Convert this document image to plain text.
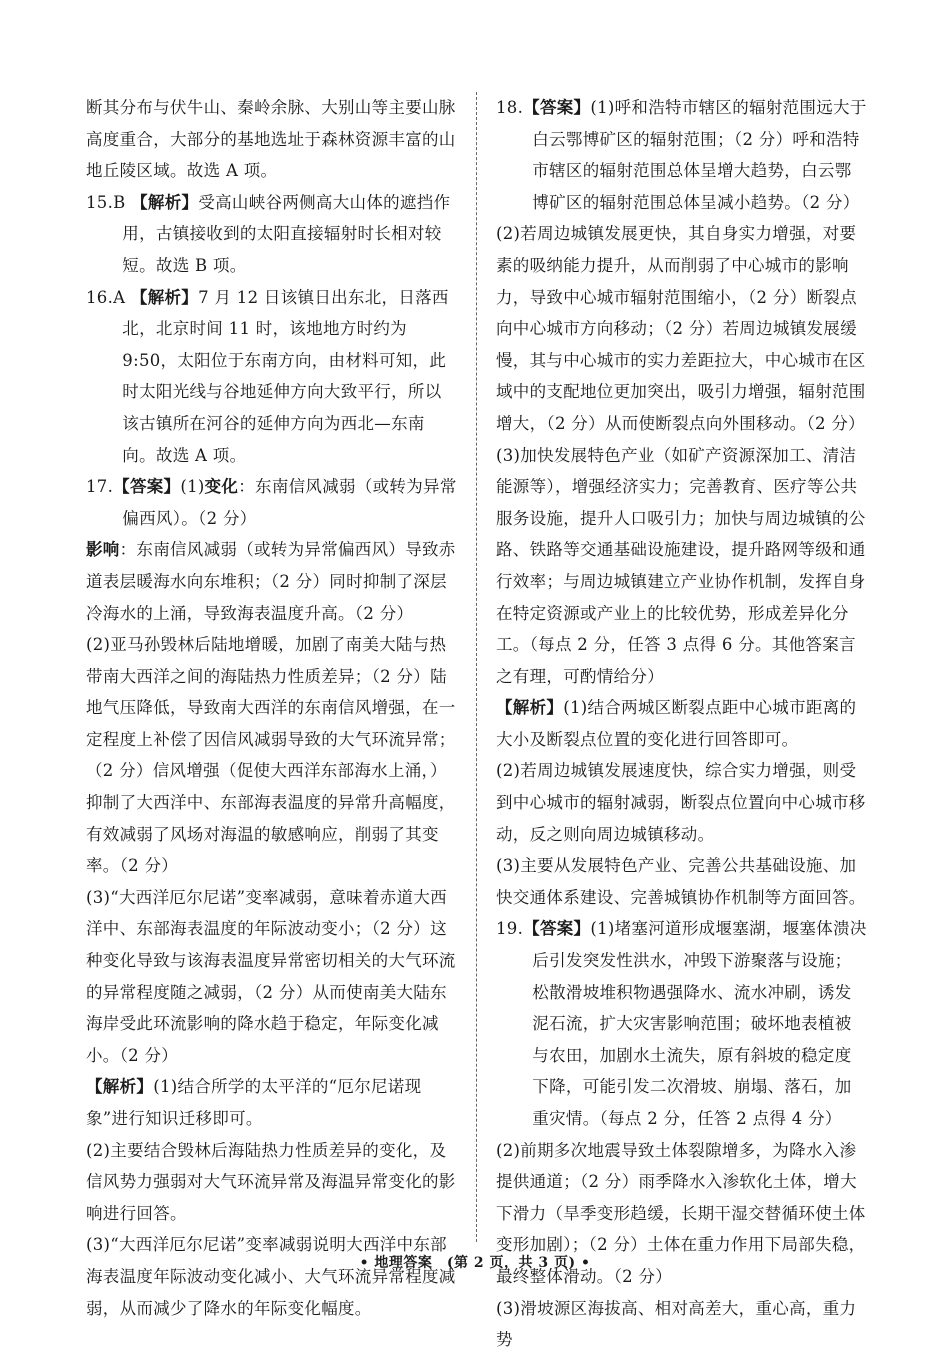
断其分布与伏牛山、秦岭余脉、大别山等主要山脉高度重合，大部分的基地选址于森林资源丰富的山地丘陵区域。故选 A 项。

15.B 【解析】受高山峡谷两侧高大山体的遮挡作用，古镇接收到的太阳直接辐射时长相对较短。故选 B 项。

16.A 【解析】7 月 12 日该镇日出东北，日落西北，北京时间 11 时，该地地方时约为 9:50，太阳位于东南方向，由材料可知，此时太阳光线与谷地延伸方向大致平行，所以该古镇所在河谷的延伸方向为西北—东南向。故选 A 项。

17.【答案】(1)变化：东南信风减弱（或转为异常偏西风）。（2 分）

影响：东南信风减弱（或转为异常偏西风）导致赤道表层暖海水向东堆积；（2 分）同时抑制了深层冷海水的上涌，导致海表温度升高。（2 分）

(2)亚马孙毁林后陆地增暖，加剧了南美大陆与热带南大西洋之间的海陆热力性质差异；（2 分）陆地气压降低，导致南大西洋的东南信风增强，在一定程度上补偿了因信风减弱导致的大气环流异常；（2 分）信风增强（促使大西洋东部海水上涌，）抑制了大西洋中、东部海表温度的异常升高幅度，有效减弱了风场对海温的敏感响应，削弱了其变率。（2 分）

(3)“大西洋厄尔尼诺”变率减弱，意味着赤道大西洋中、东部海表温度的年际波动变小；（2 分）这种变化导致与该海表温度异常密切相关的大气环流的异常程度随之减弱，（2 分）从而使南美大陆东海岸受此环流影响的降水趋于稳定，年际变化减小。（2 分）

【解析】(1)结合所学的太平洋的“厄尔尼诺现象”进行知识迁移即可。

(2)主要结合毁林后海陆热力性质差异的变化，及信风势力强弱对大气环流异常及海温异常变化的影响进行回答。

(3)“大西洋厄尔尼诺”变率减弱说明大西洋中东部海表温度年际波动变化减小、大气环流异常程度减弱，从而减少了降水的年际变化幅度。

18.【答案】(1)呼和浩特市辖区的辐射范围远大于白云鄂博矿区的辐射范围；（2 分）呼和浩特市辖区的辐射范围总体呈增大趋势，白云鄂博矿区的辐射范围总体呈减小趋势。（2 分）

(2)若周边城镇发展更快，其自身实力增强，对要素的吸纳能力提升，从而削弱了中心城市的影响力，导致中心城市辐射范围缩小，（2 分）断裂点向中心城市方向移动；（2 分）若周边城镇发展缓慢，其与中心城市的实力差距拉大，中心城市在区域中的支配地位更加突出，吸引力增强，辐射范围增大，（2 分）从而使断裂点向外围移动。（2 分）

(3)加快发展特色产业（如矿产资源深加工、清洁能源等），增强经济实力；完善教育、医疗等公共服务设施，提升人口吸引力；加快与周边城镇的公路、铁路等交通基础设施建设，提升路网等级和通行效率；与周边城镇建立产业协作机制，发挥自身在特定资源或产业上的比较优势，形成差异化分工。（每点 2 分，任答 3 点得 6 分。其他答案言之有理，可酌情给分）

【解析】(1)结合两城区断裂点距中心城市距离的大小及断裂点位置的变化进行回答即可。

(2)若周边城镇发展速度快，综合实力增强，则受到中心城市的辐射减弱，断裂点位置向中心城市移动，反之则向周边城镇移动。

(3)主要从发展特色产业、完善公共基础设施、加快交通体系建设、完善城镇协作机制等方面回答。

19.【答案】(1)堵塞河道形成堰塞湖，堰塞体溃决后引发突发性洪水，冲毁下游聚落与设施；松散滑坡堆积物遇强降水、流水冲刷，诱发泥石流，扩大灾害影响范围；破坏地表植被与农田，加剧水土流失，原有斜坡的稳定度下降，可能引发二次滑坡、崩塌、落石，加重灾情。（每点 2 分，任答 2 点得 4 分）

(2)前期多次地震导致土体裂隙增多，为降水入渗提供通道；（2 分）雨季降水入渗软化土体，增大下滑力（旱季变形趋缓，长期干湿交替循环使土体变形加剧）；（2 分）土体在重力作用下局部失稳，最终整体滑动。（2 分）

(3)滑坡源区海拔高、相对高差大，重心高，重力势

• 地理答案　(第 2 页，共 3 页) •
